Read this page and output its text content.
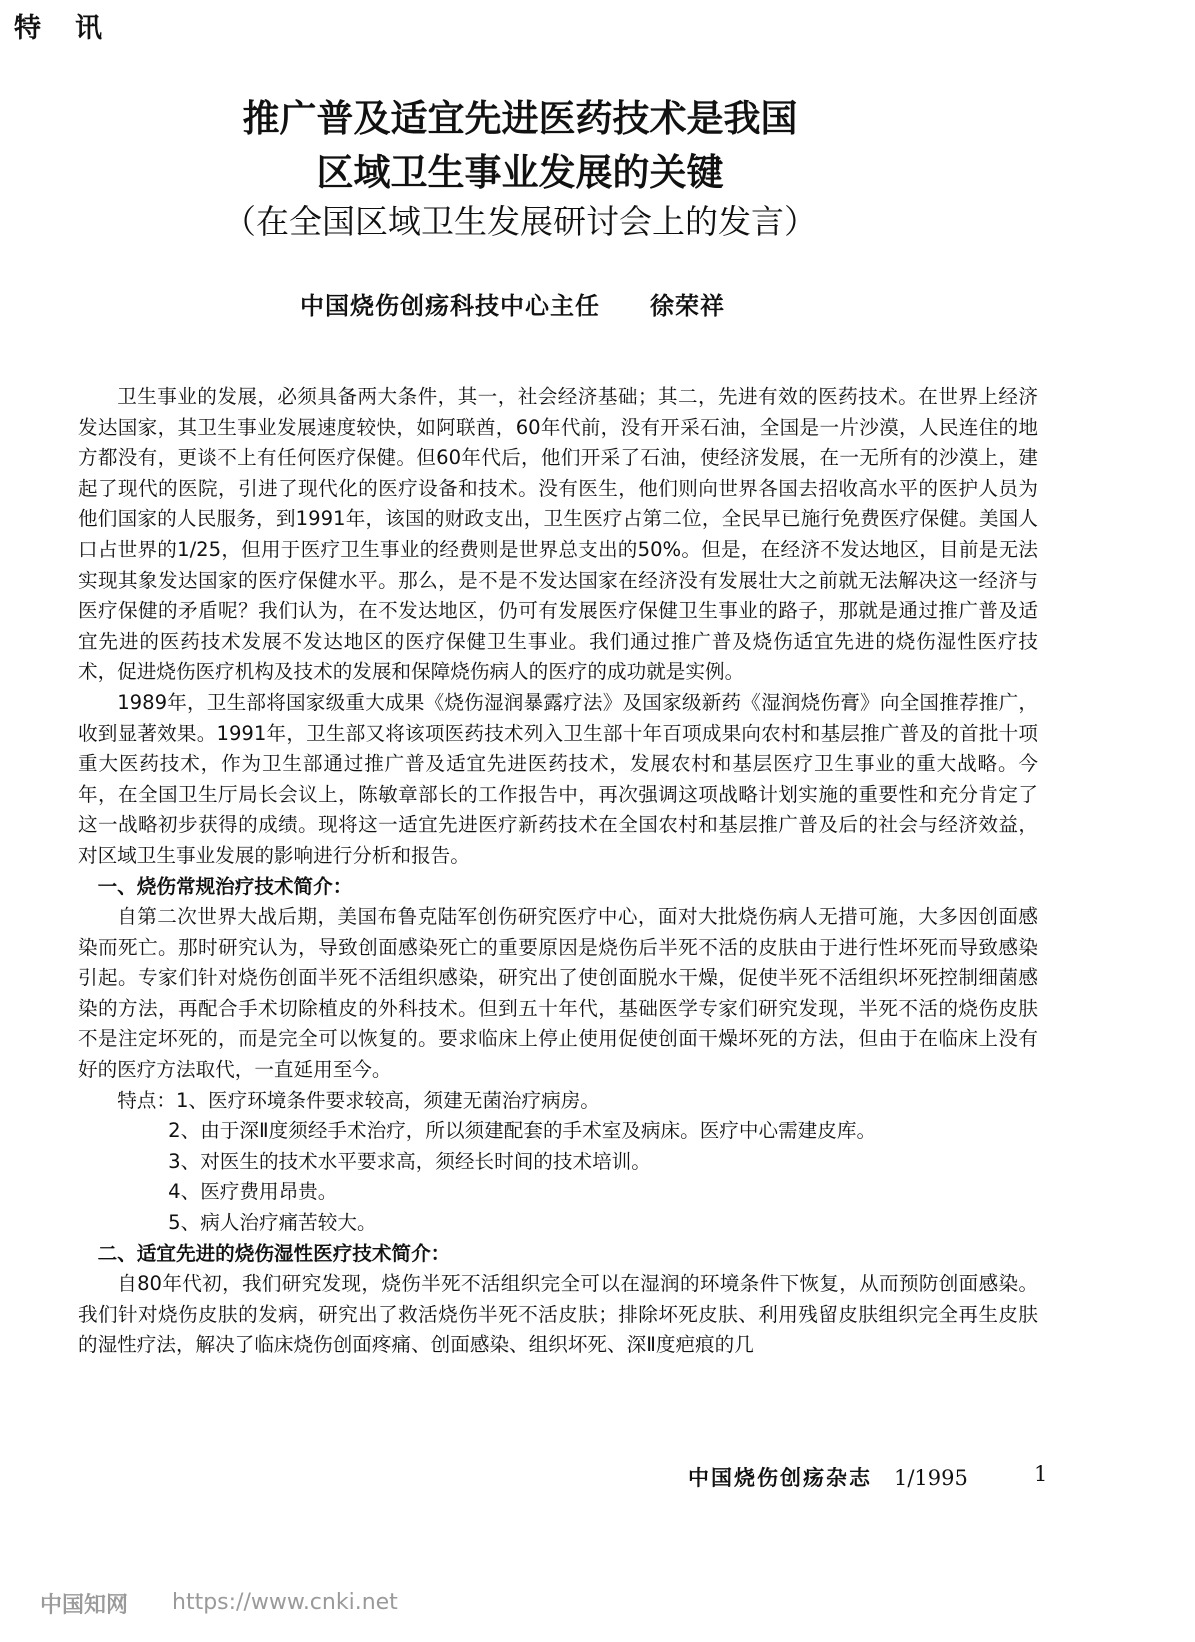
特讯
推广普及适宜先进医药技术是我国
区域卫生事业发展的关键
（在全国区域卫生发展研讨会上的发言）
中国烧伤创疡科技中心主任 徐荣祥

卫生事业的发展，必须具备两大条件，其一，社会经济基础；其二，先进有效的医药技术。在世界上经济发达国家，其卫生事业发展速度较快，如阿联酋，60年代前，没有开采石油，全国是一片沙漠，人民连住的地方都没有，更谈不上有任何医疗保健。但60年代后，他们开采了石油，使经济发展，在一无所有的沙漠上，建起了现代的医院，引进了现代化的医疗设备和技术。没有医生，他们则向世界各国去招收高水平的医护人员为他们国家的人民服务，到1991年，该国的财政支出，卫生医疗占第二位，全民早已施行免费医疗保健。美国人口占世界的1/25，但用于医疗卫生事业的经费则是世界总支出的50%。但是，在经济不发达地区，目前是无法实现其象发达国家的医疗保健水平。那么，是不是不发达国家在经济没有发展壮大之前就无法解决这一经济与医疗保健的矛盾呢？我们认为，在不发达地区，仍可有发展医疗保健卫生事业的路子，那就是通过推广普及适宜先进的医药技术发展不发达地区的医疗保健卫生事业。我们通过推广普及烧伤适宜先进的烧伤湿性医疗技术，促进烧伤医疗机构及技术的发展和保障烧伤病人的医疗的成功就是实例。

1989年，卫生部将国家级重大成果《烧伤湿润暴露疗法》及国家级新药《湿润烧伤膏》向全国推荐推广，收到显著效果。1991年，卫生部又将该项医药技术列入卫生部十年百项成果向农村和基层推广普及的首批十项重大医药技术，作为卫生部通过推广普及适宜先进医药技术，发展农村和基层医疗卫生事业的重大战略。今年，在全国卫生厅局长会议上，陈敏章部长的工作报告中，再次强调这项战略计划实施的重要性和充分肯定了这一战略初步获得的成绩。现将这一适宜先进医疗新药技术在全国农村和基层推广普及后的社会与经济效益，对区域卫生事业发展的影响进行分析和报告。

一、烧伤常规治疗技术简介：

自第二次世界大战后期，美国布鲁克陆军创伤研究医疗中心，面对大批烧伤病人无措可施，大多因创面感染而死亡。那时研究认为，导致创面感染死亡的重要原因是烧伤后半死不活的皮肤由于进行性坏死而导致感染引起。专家们针对烧伤创面半死不活组织感染，研究出了使创面脱水干燥，促使半死不活组织坏死控制细菌感染的方法，再配合手术切除植皮的外科技术。但到五十年代，基础医学专家们研究发现，半死不活的烧伤皮肤不是注定坏死的，而是完全可以恢复的。要求临床上停止使用促使创面干燥坏死的方法，但由于在临床上没有好的医疗方法取代，一直延用至今。

特点：1、医疗环境条件要求较高，须建无菌治疗病房。
2、由于深Ⅱ度须经手术治疗，所以须建配套的手术室及病床。医疗中心需建皮库。
3、对医生的技术水平要求高，须经长时间的技术培训。
4、医疗费用昂贵。
5、病人治疗痛苦较大。
二、适宜先进的烧伤湿性医疗技术简介：

自80年代初，我们研究发现，烧伤半死不活组织完全可以在湿润的环境条件下恢复，从而预防创面感染。我们针对烧伤皮肤的发病，研究出了救活烧伤半死不活皮肤；排除坏死皮肤、利用残留皮肤组织完全再生皮肤的湿性疗法，解决了临床烧伤创面疼痛、创面感染、组织坏死、深Ⅱ度疤痕的几

中国烧伤创疡杂志 1/1995	1
中国知网 https://www.cnki.net
